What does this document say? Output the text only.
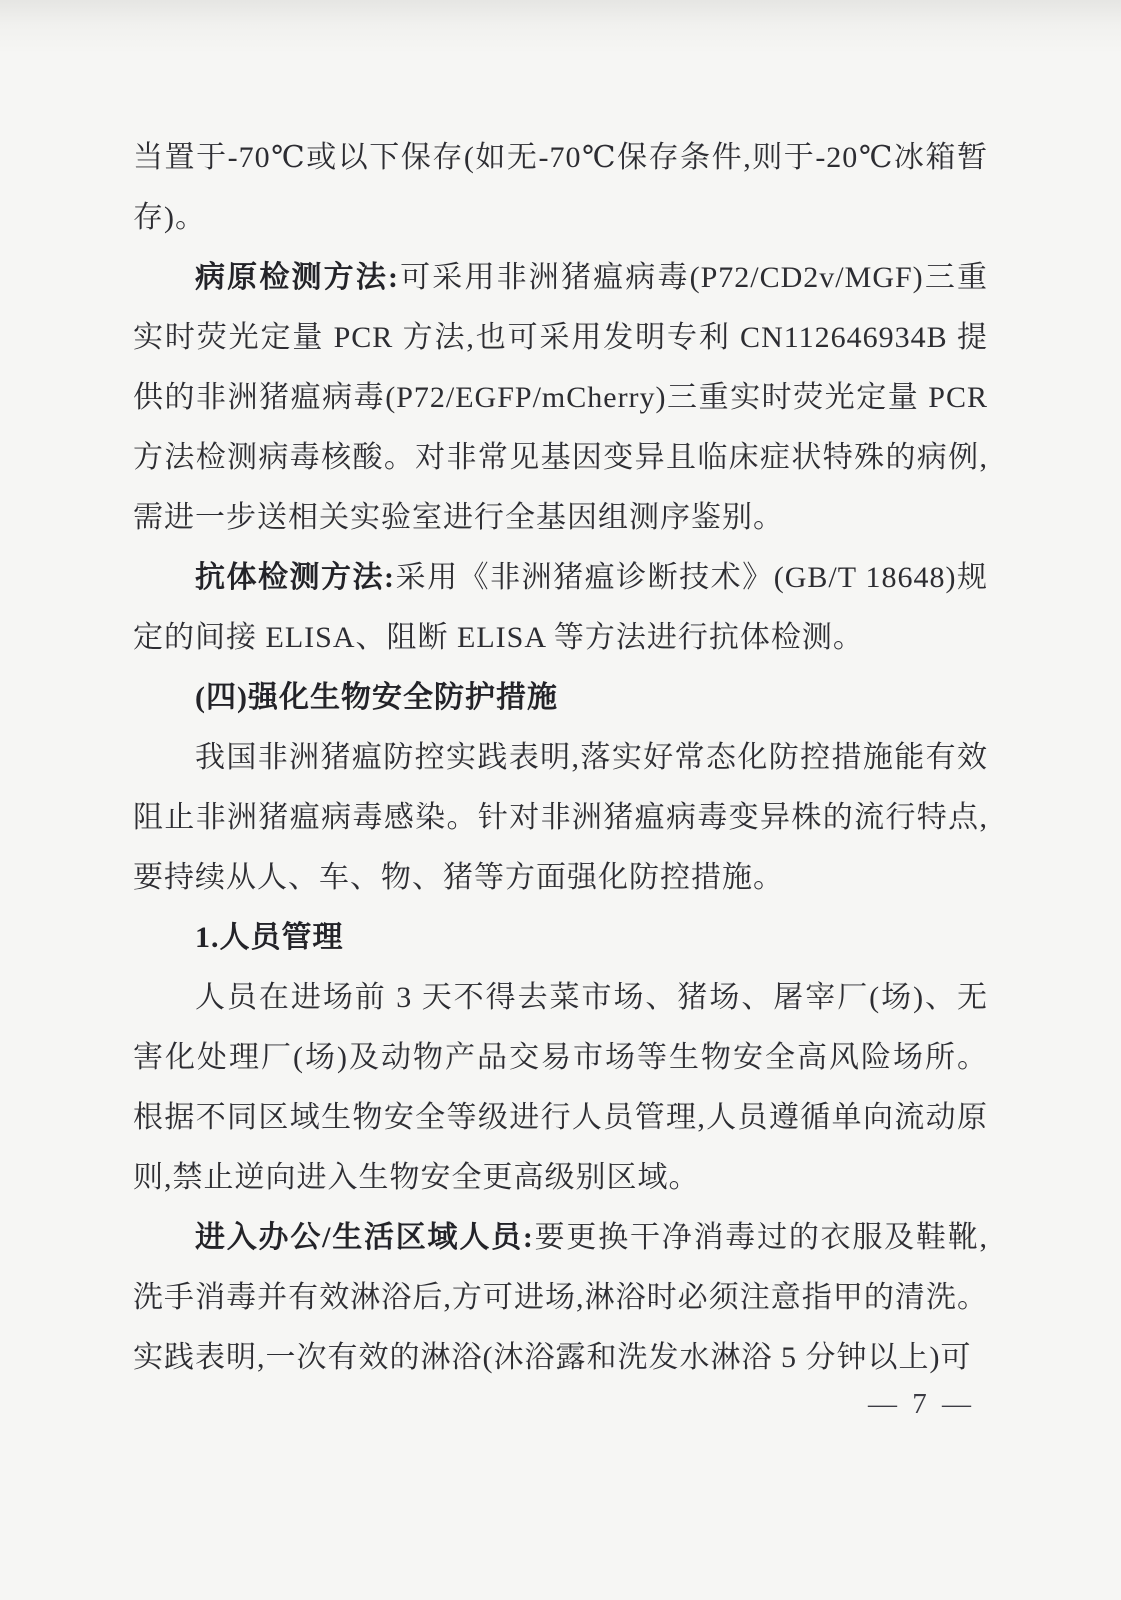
当置于-70℃或以下保存(如无-70℃保存条件,则于-20℃冰箱暂存)。

病原检测方法:可采用非洲猪瘟病毒(P72/CD2v/MGF)三重实时荧光定量 PCR 方法,也可采用发明专利 CN112646934B 提供的非洲猪瘟病毒(P72/EGFP/mCherry)三重实时荧光定量 PCR 方法检测病毒核酸。对非常见基因变异且临床症状特殊的病例,需进一步送相关实验室进行全基因组测序鉴别。

抗体检测方法:采用《非洲猪瘟诊断技术》(GB/T 18648)规定的间接 ELISA、阻断 ELISA 等方法进行抗体检测。

(四)强化生物安全防护措施

我国非洲猪瘟防控实践表明,落实好常态化防控措施能有效阻止非洲猪瘟病毒感染。针对非洲猪瘟病毒变异株的流行特点,要持续从人、车、物、猪等方面强化防控措施。

1.人员管理

人员在进场前 3 天不得去菜市场、猪场、屠宰厂(场)、无害化处理厂(场)及动物产品交易市场等生物安全高风险场所。根据不同区域生物安全等级进行人员管理,人员遵循单向流动原则,禁止逆向进入生物安全更高级别区域。

进入办公/生活区域人员:要更换干净消毒过的衣服及鞋靴,洗手消毒并有效淋浴后,方可进场,淋浴时必须注意指甲的清洗。实践表明,一次有效的淋浴(沐浴露和洗发水淋浴 5 分钟以上)可

— 7 —
